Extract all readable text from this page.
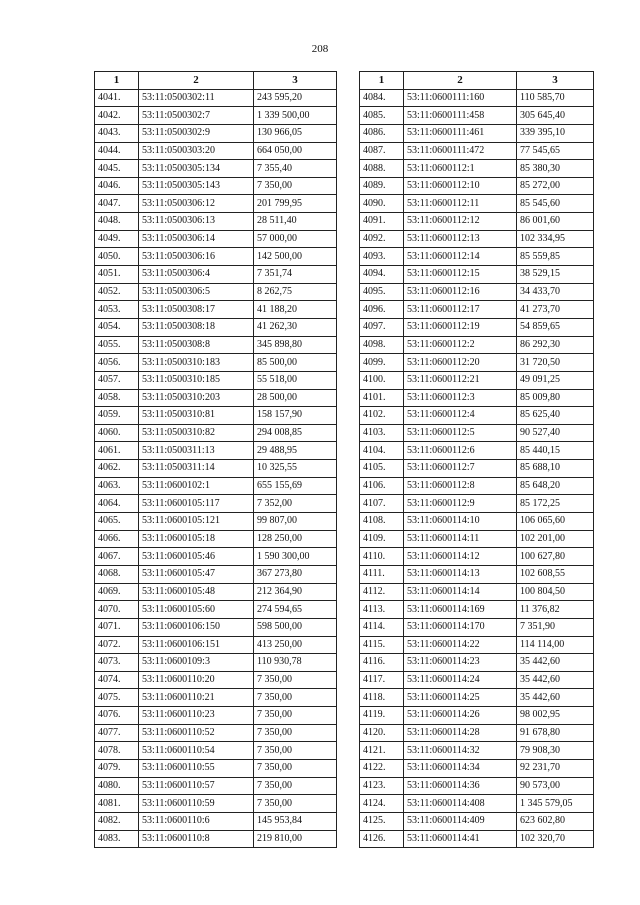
208
1	2	3
4041.	53:11:0500302:11	243 595,20
4042.	53:11:0500302:7	1 339 500,00
4043.	53:11:0500302:9	130 966,05
4044.	53:11:0500303:20	664 050,00
4045.	53:11:0500305:134	7 355,40
4046.	53:11:0500305:143	7 350,00
4047.	53:11:0500306:12	201 799,95
4048.	53:11:0500306:13	28 511,40
4049.	53:11:0500306:14	57 000,00
4050.	53:11:0500306:16	142 500,00
4051.	53:11:0500306:4	7 351,74
4052.	53:11:0500306:5	8 262,75
4053.	53:11:0500308:17	41 188,20
4054.	53:11:0500308:18	41 262,30
4055.	53:11:0500308:8	345 898,80
4056.	53:11:0500310:183	85 500,00
4057.	53:11:0500310:185	55 518,00
4058.	53:11:0500310:203	28 500,00
4059.	53:11:0500310:81	158 157,90
4060.	53:11:0500310:82	294 008,85
4061.	53:11:0500311:13	29 488,95
4062.	53:11:0500311:14	10 325,55
4063.	53:11:0600102:1	655 155,69
4064.	53:11:0600105:117	7 352,00
4065.	53:11:0600105:121	99 807,00
4066.	53:11:0600105:18	128 250,00
4067.	53:11:0600105:46	1 590 300,00
4068.	53:11:0600105:47	367 273,80
4069.	53:11:0600105:48	212 364,90
4070.	53:11:0600105:60	274 594,65
4071.	53:11:0600106:150	598 500,00
4072.	53:11:0600106:151	413 250,00
4073.	53:11:0600109:3	110 930,78
4074.	53:11:0600110:20	7 350,00
4075.	53:11:0600110:21	7 350,00
4076.	53:11:0600110:23	7 350,00
4077.	53:11:0600110:52	7 350,00
4078.	53:11:0600110:54	7 350,00
4079.	53:11:0600110:55	7 350,00
4080.	53:11:0600110:57	7 350,00
4081.	53:11:0600110:59	7 350,00
4082.	53:11:0600110:6	145 953,84
4083.	53:11:0600110:8	219 810,00
1	2	3
4084.	53:11:0600111:160	110 585,70
4085.	53:11:0600111:458	305 645,40
4086.	53:11:0600111:461	339 395,10
4087.	53:11:0600111:472	77 545,65
4088.	53:11:0600112:1	85 380,30
4089.	53:11:0600112:10	85 272,00
4090.	53:11:0600112:11	85 545,60
4091.	53:11:0600112:12	86 001,60
4092.	53:11:0600112:13	102 334,95
4093.	53:11:0600112:14	85 559,85
4094.	53:11:0600112:15	38 529,15
4095.	53:11:0600112:16	34 433,70
4096.	53:11:0600112:17	41 273,70
4097.	53:11:0600112:19	54 859,65
4098.	53:11:0600112:2	86 292,30
4099.	53:11:0600112:20	31 720,50
4100.	53:11:0600112:21	49 091,25
4101.	53:11:0600112:3	85 009,80
4102.	53:11:0600112:4	85 625,40
4103.	53:11:0600112:5	90 527,40
4104.	53:11:0600112:6	85 440,15
4105.	53:11:0600112:7	85 688,10
4106.	53:11:0600112:8	85 648,20
4107.	53:11:0600112:9	85 172,25
4108.	53:11:0600114:10	106 065,60
4109.	53:11:0600114:11	102 201,00
4110.	53:11:0600114:12	100 627,80
4111.	53:11:0600114:13	102 608,55
4112.	53:11:0600114:14	100 804,50
4113.	53:11:0600114:169	11 376,82
4114.	53:11:0600114:170	7 351,90
4115.	53:11:0600114:22	114 114,00
4116.	53:11:0600114:23	35 442,60
4117.	53:11:0600114:24	35 442,60
4118.	53:11:0600114:25	35 442,60
4119.	53:11:0600114:26	98 002,95
4120.	53:11:0600114:28	91 678,80
4121.	53:11:0600114:32	79 908,30
4122.	53:11:0600114:34	92 231,70
4123.	53:11:0600114:36	90 573,00
4124.	53:11:0600114:408	1 345 579,05
4125.	53:11:0600114:409	623 602,80
4126.	53:11:0600114:41	102 320,70
